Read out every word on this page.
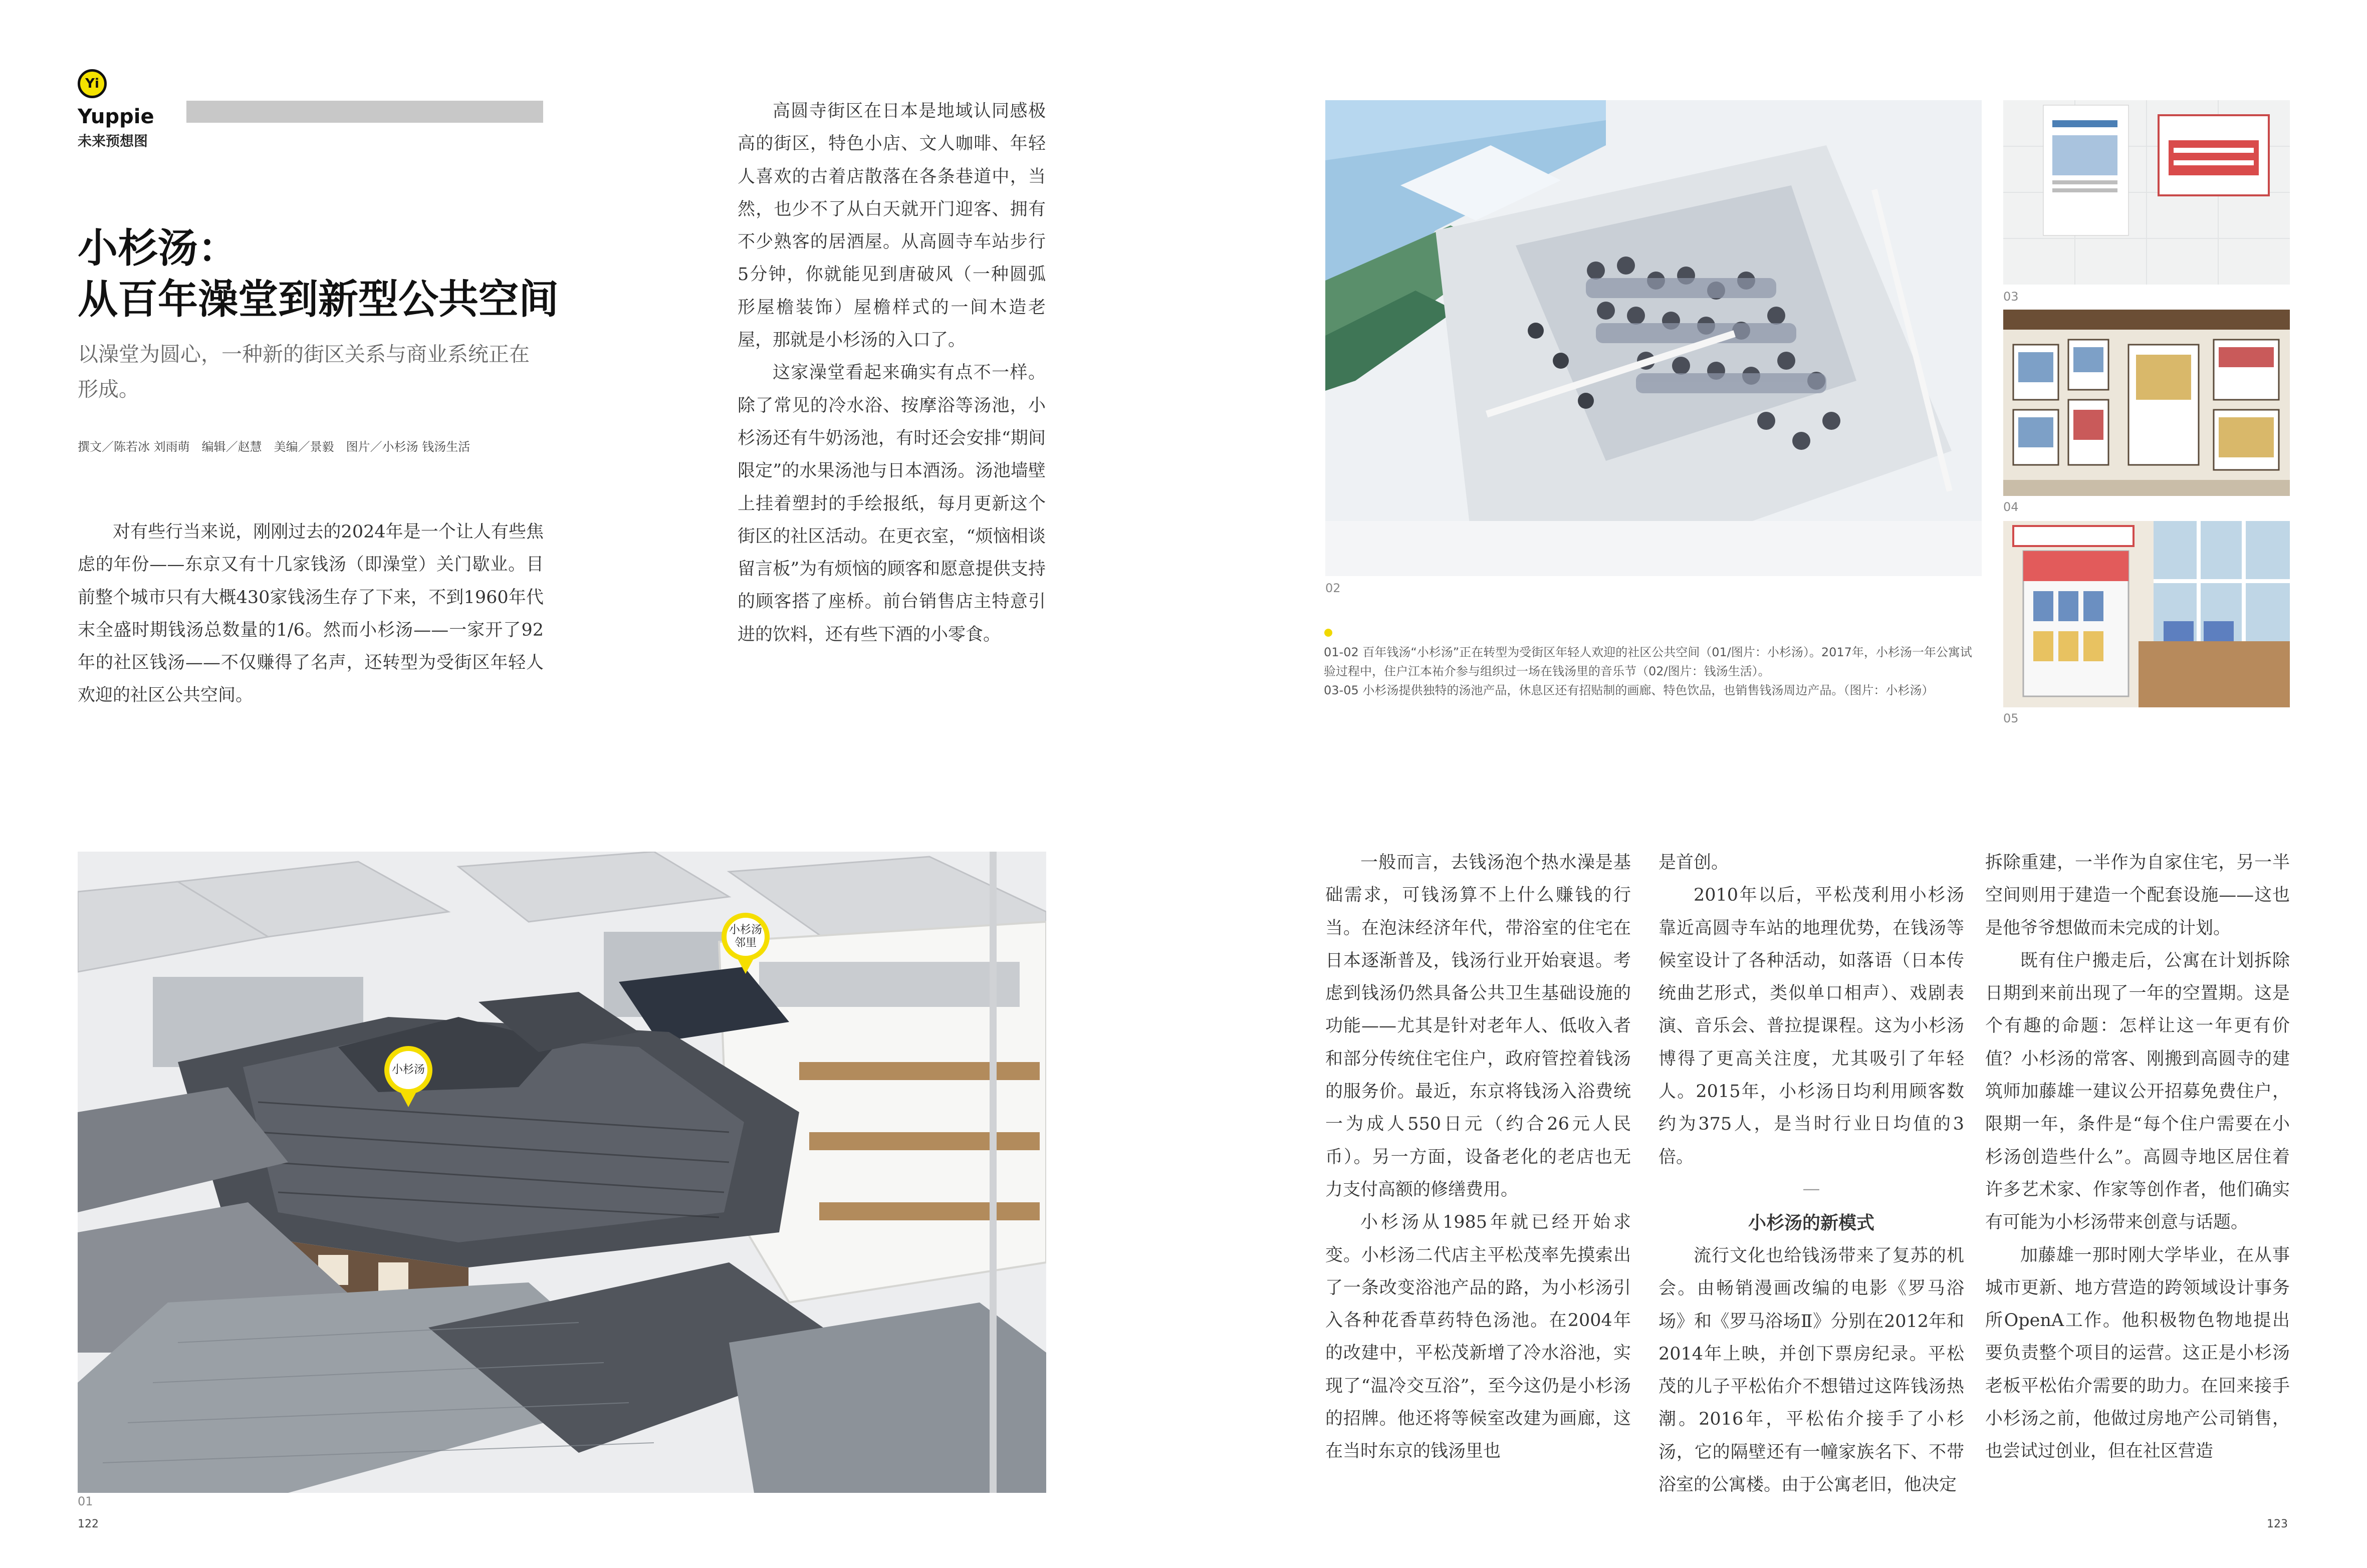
Yi
Yuppie
未来预想图
小杉汤：
从百年澡堂到新型公共空间
以澡堂为圆心，一种新的街区关系与商业系统正在形成。
撰文／陈若冰 刘雨萌　编辑／赵慧　美编／景毅　图片／小杉汤 钱汤生活

对有些行当来说，刚刚过去的2024年是一个让人有些焦虑的年份——东京又有十几家钱汤（即澡堂）关门歇业。目前整个城市只有大概430家钱汤生存了下来，不到1960年代末全盛时期钱汤总数量的1/6。然而小杉汤——一家开了92年的社区钱汤——不仅赚得了名声，还转型为受街区年轻人欢迎的社区公共空间。

高圆寺街区在日本是地域认同感极高的街区，特色小店、文人咖啡、年轻人喜欢的古着店散落在各条巷道中，当然，也少不了从白天就开门迎客、拥有不少熟客的居酒屋。从高圆寺车站步行5分钟，你就能见到唐破风（一种圆弧形屋檐装饰）屋檐样式的一间木造老屋，那就是小杉汤的入口了。

这家澡堂看起来确实有点不一样。除了常见的冷水浴、按摩浴等汤池，小杉汤还有牛奶汤池，有时还会安排“期间限定”的水果汤池与日本酒汤。汤池墙壁上挂着塑封的手绘报纸，每月更新这个街区的社区活动。在更衣室，“烦恼相谈留言板”为有烦恼的顾客和愿意提供支持的顾客搭了座桥。前台销售店主特意引进的饮料，还有些下酒的小零食。

02
01-02 百年钱汤“小杉汤”正在转型为受街区年轻人欢迎的社区公共空间（01/图片：小杉汤）。2017年，小杉汤一年公寓试验过程中，住户江本祐介参与组织过一场在钱汤里的音乐节（02/图片：钱汤生活）。
03-05 小杉汤提供独特的汤池产品，休息区还有招贴制的画廊、特色饮品，也销售钱汤周边产品。（图片：小杉汤）
03
04
05
01
小杉汤
小杉汤邻里

一般而言，去钱汤泡个热水澡是基础需求，可钱汤算不上什么赚钱的行当。在泡沫经济年代，带浴室的住宅在日本逐渐普及，钱汤行业开始衰退。考虑到钱汤仍然具备公共卫生基础设施的功能——尤其是针对老年人、低收入者和部分传统住宅住户，政府管控着钱汤的服务价。最近，东京将钱汤入浴费统一为成人550日元（约合26元人民币）。另一方面，设备老化的老店也无力支付高额的修缮费用。

小杉汤从1985年就已经开始求变。小杉汤二代店主平松茂率先摸索出了一条改变浴池产品的路，为小杉汤引入各种花香草药特色汤池。在2004年的改建中，平松茂新增了冷水浴池，实现了“温冷交互浴”，至今这仍是小杉汤的招牌。他还将等候室改建为画廊，这在当时东京的钱汤里也

是首创。

2010年以后，平松茂利用小杉汤靠近高圆寺车站的地理优势，在钱汤等候室设计了各种活动，如落语（日本传统曲艺形式，类似单口相声）、戏剧表演、音乐会、普拉提课程。这为小杉汤博得了更高关注度，尤其吸引了年轻人。2015年，小杉汤日均利用顾客数约为375人，是当时行业日均值的3倍。

—
小杉汤的新模式

流行文化也给钱汤带来了复苏的机会。由畅销漫画改编的电影《罗马浴场》和《罗马浴场Ⅱ》分别在2012年和2014年上映，并创下票房纪录。平松茂的儿子平松佑介不想错过这阵钱汤热潮。2016年，平松佑介接手了小杉汤，它的隔壁还有一幢家族名下、不带浴室的公寓楼。由于公寓老旧，他决定

拆除重建，一半作为自家住宅，另一半空间则用于建造一个配套设施——这也是他爷爷想做而未完成的计划。

既有住户搬走后，公寓在计划拆除日期到来前出现了一年的空置期。这是个有趣的命题：怎样让这一年更有价值？小杉汤的常客、刚搬到高圆寺的建筑师加藤雄一建议公开招募免费住户，限期一年，条件是“每个住户需要在小杉汤创造些什么”。高圆寺地区居住着许多艺术家、作家等创作者，他们确实有可能为小杉汤带来创意与话题。

加藤雄一那时刚大学毕业，在从事城市更新、地方营造的跨领域设计事务所OpenA工作。他积极物色物地提出要负责整个项目的运营。这正是小杉汤老板平松佑介需要的助力。在回来接手小杉汤之前，他做过房地产公司销售，也尝试过创业，但在社区营造

122	123
